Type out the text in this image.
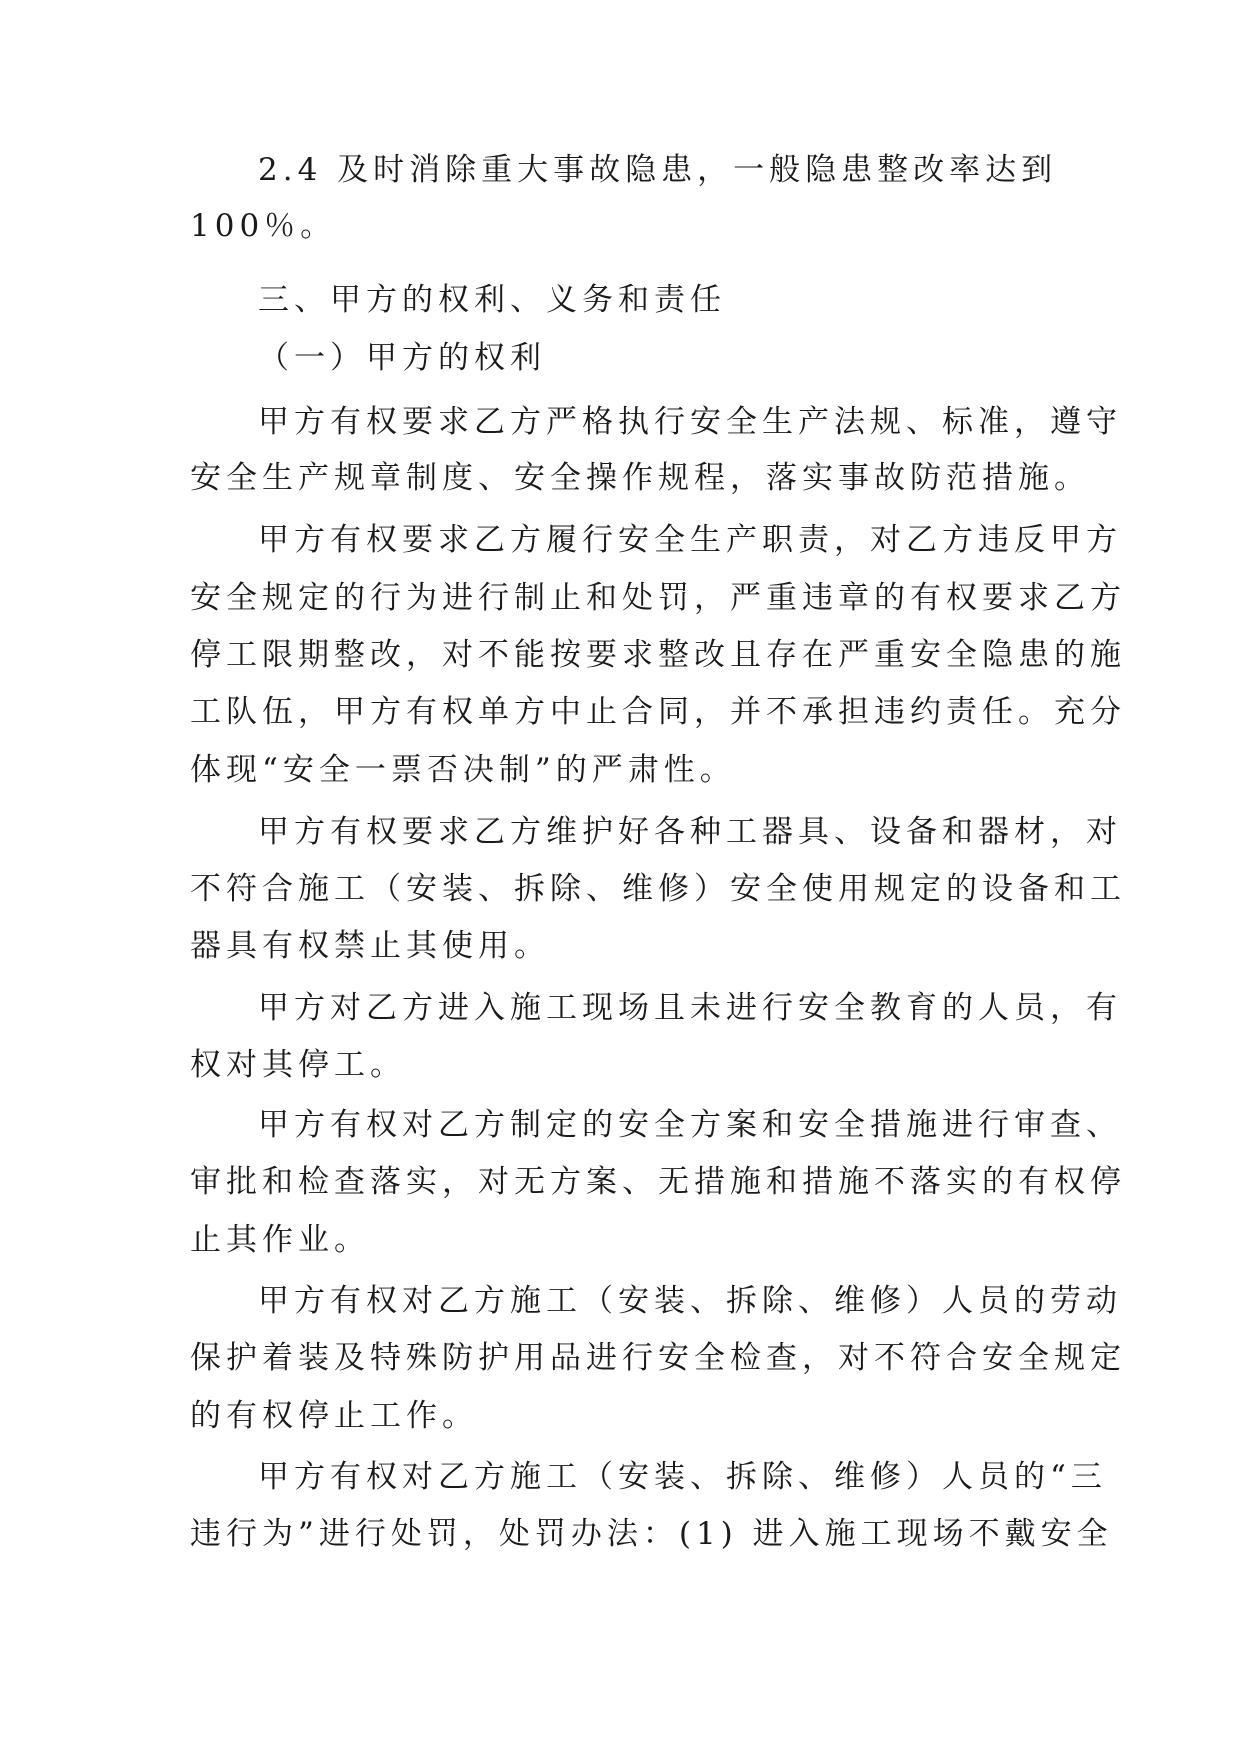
2.4 及时消除重大事故隐患，一般隐患整改率达到
100％。
三、甲方的权利、义务和责任
（一）甲方的权利
甲方有权要求乙方严格执行安全生产法规、标准，遵守
安全生产规章制度、安全操作规程，落实事故防范措施。
甲方有权要求乙方履行安全生产职责，对乙方违反甲方
安全规定的行为进行制止和处罚，严重违章的有权要求乙方
停工限期整改，对不能按要求整改且存在严重安全隐患的施
工队伍，甲方有权单方中止合同，并不承担违约责任。充分
体现“安全一票否决制”的严肃性。
甲方有权要求乙方维护好各种工器具、设备和器材，对
不符合施工（安装、拆除、维修）安全使用规定的设备和工
器具有权禁止其使用。
甲方对乙方进入施工现场且未进行安全教育的人员，有
权对其停工。
甲方有权对乙方制定的安全方案和安全措施进行审查、
审批和检查落实，对无方案、无措施和措施不落实的有权停
止其作业。
甲方有权对乙方施工（安装、拆除、维修）人员的劳动
保护着装及特殊防护用品进行安全检查，对不符合安全规定
的有权停止工作。
甲方有权对乙方施工（安装、拆除、维修）人员的“三
违行为”进行处罚，处罚办法：(1) 进入施工现场不戴安全
